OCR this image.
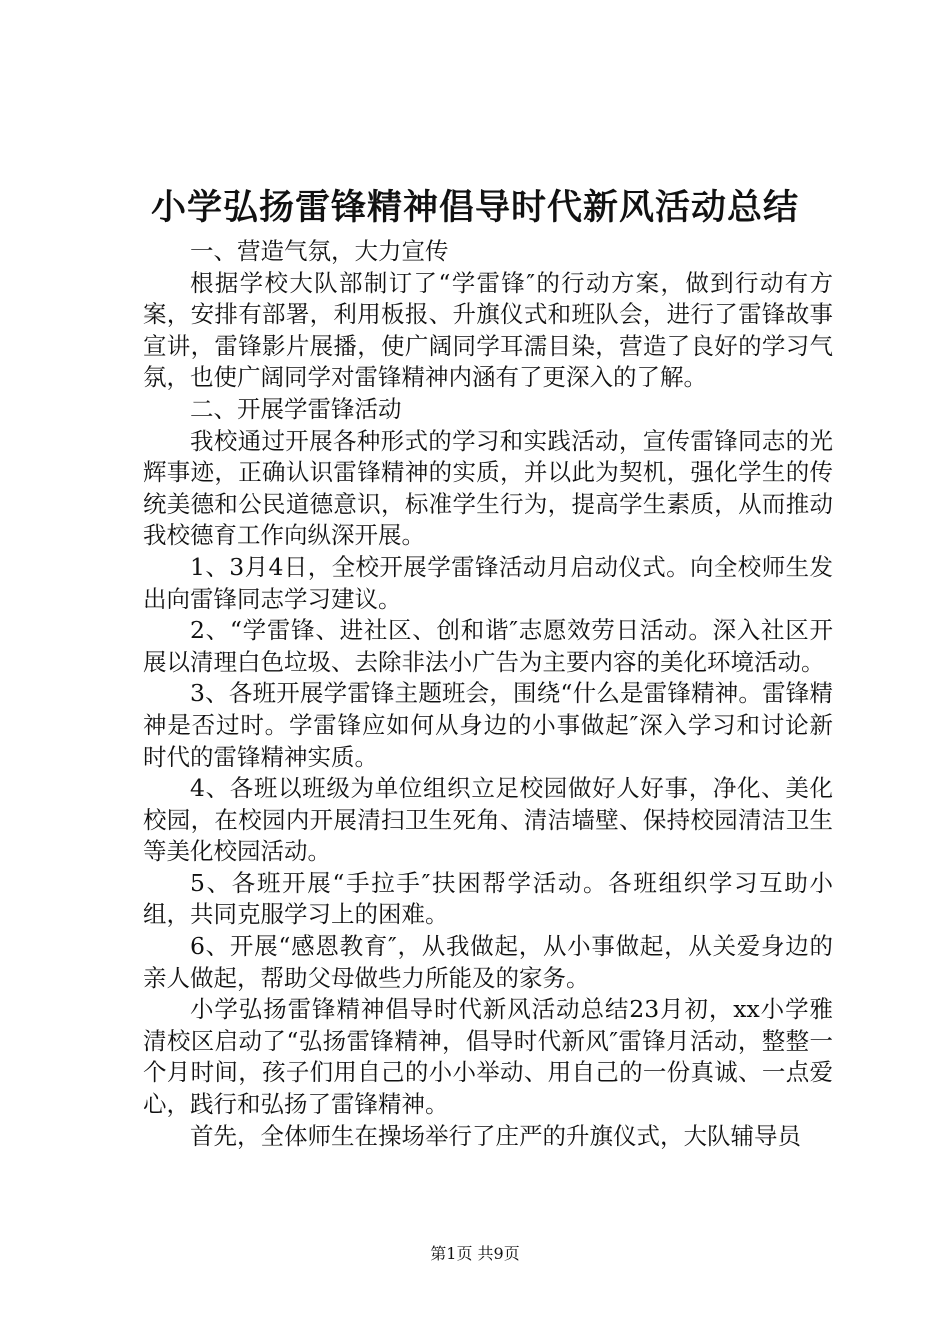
小学弘扬雷锋精神倡导时代新风活动总结

一、营造气氛，大力宣传

根据学校大队部制订了“学雷锋″的行动方案，做到行动有方案，安排有部署，利用板报、升旗仪式和班队会，进行了雷锋故事宣讲，雷锋影片展播，使广阔同学耳濡目染，营造了良好的学习气氛，也使广阔同学对雷锋精神内涵有了更深入的了解。

二、开展学雷锋活动

我校通过开展各种形式的学习和实践活动，宣传雷锋同志的光辉事迹，正确认识雷锋精神的实质，并以此为契机，强化学生的传统美德和公民道德意识，标准学生行为，提高学生素质，从而推动我校德育工作向纵深开展。

1、3月4日，全校开展学雷锋活动月启动仪式。向全校师生发出向雷锋同志学习建议。

2、“学雷锋、进社区、创和谐″志愿效劳日活动。深入社区开展以清理白色垃圾、去除非法小广告为主要内容的美化环境活动。

3、各班开展学雷锋主题班会，围绕“什么是雷锋精神。雷锋精神是否过时。学雷锋应如何从身边的小事做起″深入学习和讨论新时代的雷锋精神实质。

4、各班以班级为单位组织立足校园做好人好事，净化、美化校园，在校园内开展清扫卫生死角、清洁墙壁、保持校园清洁卫生等美化校园活动。

5、各班开展“手拉手″扶困帮学活动。各班组织学习互助小组，共同克服学习上的困难。

6、开展“感恩教育″，从我做起，从小事做起，从关爱身边的亲人做起，帮助父母做些力所能及的家务。

小学弘扬雷锋精神倡导时代新风活动总结23月初，xx小学雅清校区启动了“弘扬雷锋精神，倡导时代新风″雷锋月活动，整整一个月时间，孩子们用自己的小小举动、用自己的一份真诚、一点爱心，践行和弘扬了雷锋精神。

首先，全体师生在操场举行了庄严的升旗仪式，大队辅导员

第1页 共9页
